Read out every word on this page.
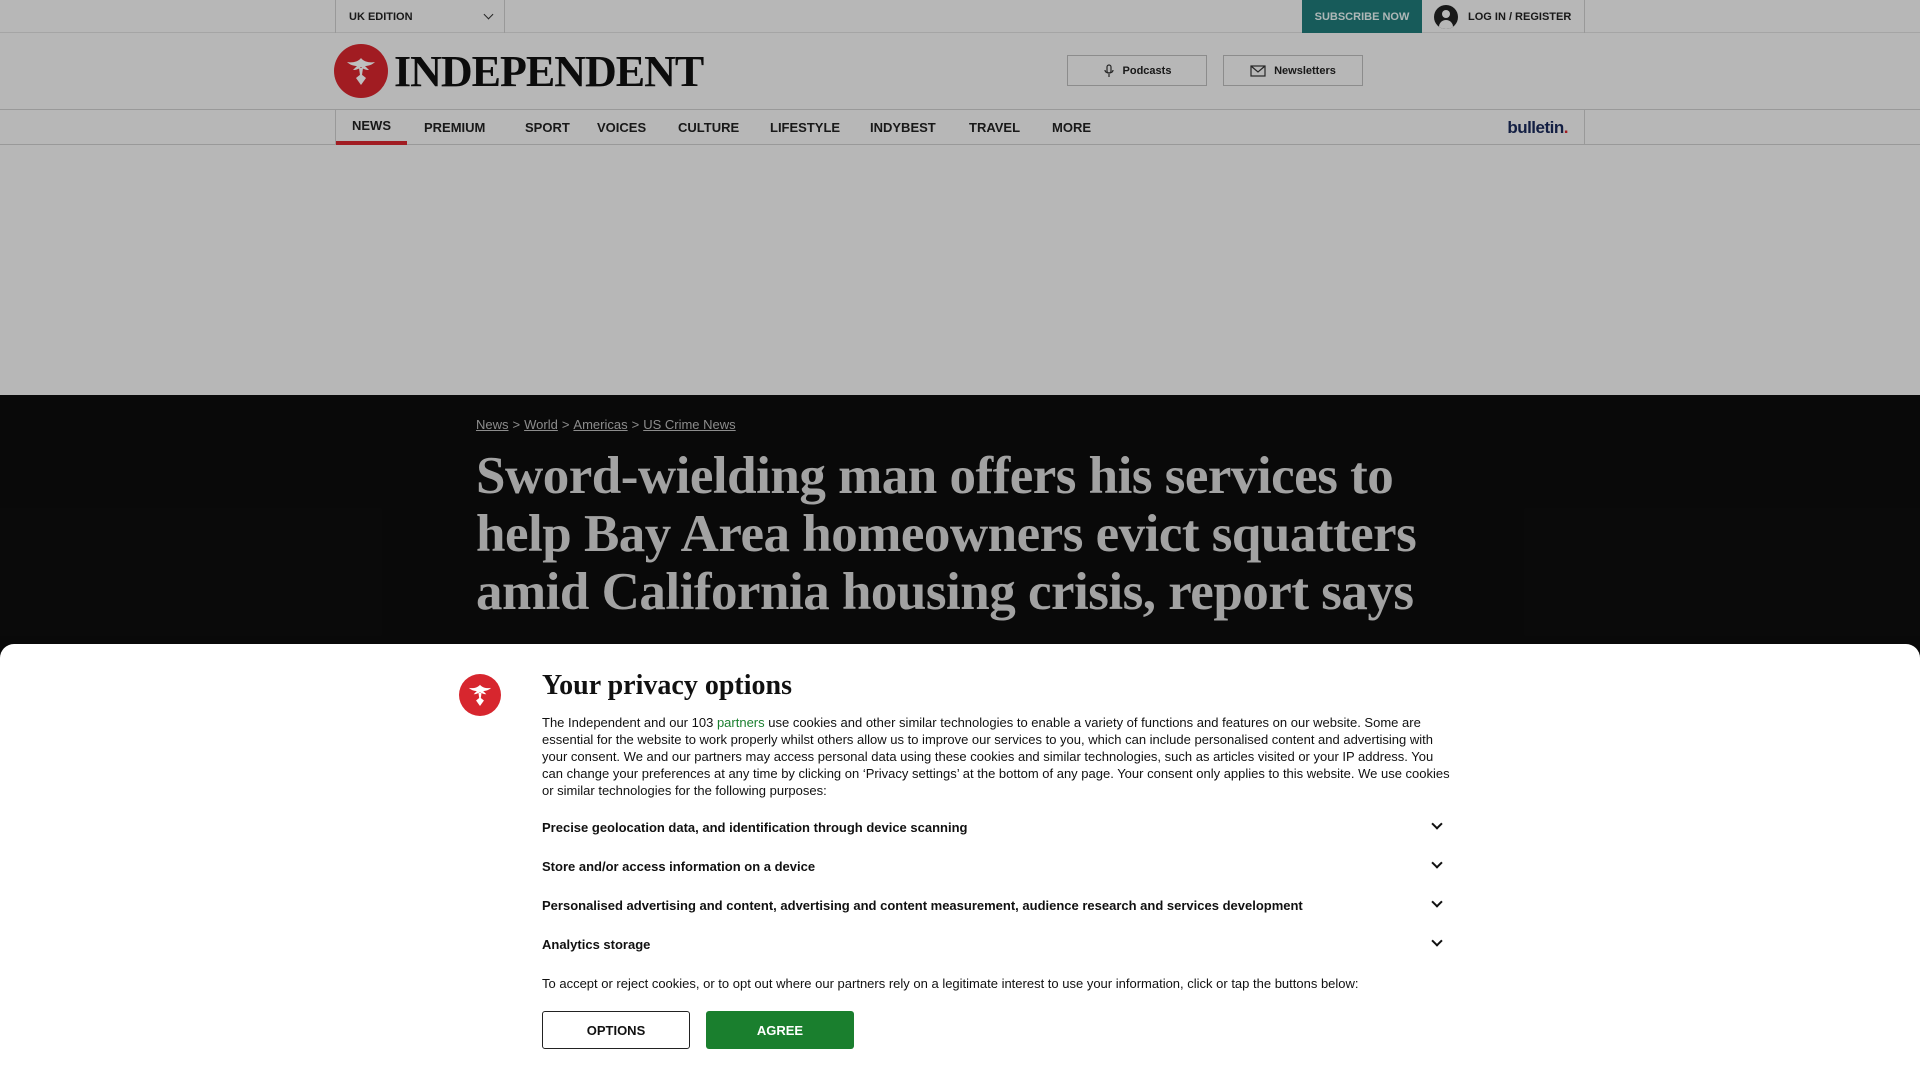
UK EDITION	SUBSCRIBE NOW	LOG IN / REGISTER
INDEPENDENT	Podcasts	Newsletters
NEWS	PREMIUM	SPORT	VOICES	CULTURE	LIFESTYLE	INDYBEST	TRAVEL	MORE	bulletin.
News > World > Americas > US Crime News
Sword-wielding man offers his services to help Bay Area homeowners evict squatters amid California housing crisis, report says
Your privacy options

The Independent and our 103 partners use cookies and other similar technologies to enable a variety of functions and features on our website. Some are essential for the website to work properly whilst others allow us to improve our services to you, which can include personalised content and advertising with your consent. We and our partners may access personal data using these cookies and similar technologies, such as articles visited or your IP address. You can change your preferences at any time by clicking on ‘Privacy settings’ at the bottom of any page. Your consent only applies to this website. We use cookies or similar technologies for the following purposes:

Precise geolocation data, and identification through device scanning
Store and/or access information on a device
Personalised advertising and content, advertising and content measurement, audience research and services development
Analytics storage

To accept or reject cookies, or to opt out where our partners rely on a legitimate interest to use your information, click or tap the buttons below:

OPTIONS	AGREE
